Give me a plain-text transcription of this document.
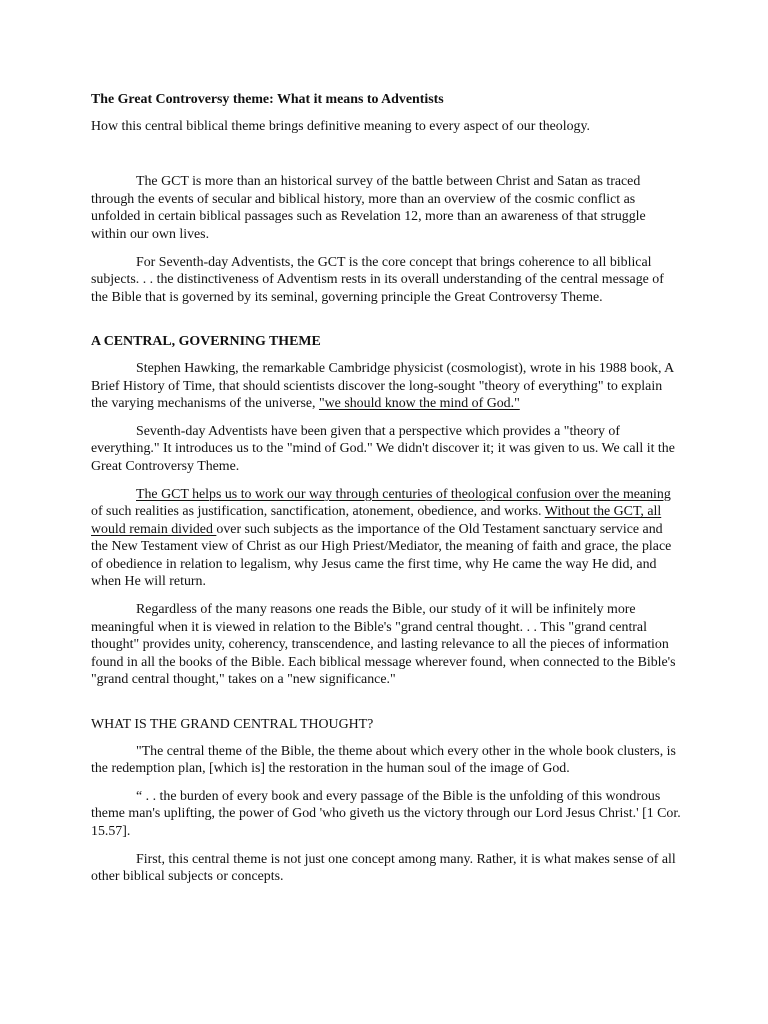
The Great Controversy theme: What it means to Adventists

How this central biblical theme brings definitive meaning to every aspect of our theology.

The GCT is more than an historical survey of the battle between Christ and Satan as traced through the events of secular and biblical history, more than an overview of the cosmic conflict as unfolded in certain biblical passages such as Revelation 12, more than an awareness of that struggle within our own lives.

For Seventh-day Adventists, the GCT is the core concept that brings coherence to all biblical subjects. . . the distinctiveness of Adventism rests in its overall understanding of the central message of the Bible that is governed by its seminal, governing principle the Great Controversy Theme.

A CENTRAL, GOVERNING THEME

Stephen Hawking, the remarkable Cambridge physicist (cosmologist), wrote in his 1988 book, A Brief History of Time, that should scientists discover the long-sought "theory of everything" to explain the varying mechanisms of the universe, "we should know the mind of God."

Seventh-day Adventists have been given that a perspective which provides a "theory of everything." It introduces us to the "mind of God." We didn't discover it; it was given to us. We call it the Great Controversy Theme.

The GCT helps us to work our way through centuries of theological confusion over the meaning of such realities as justification, sanctification, atonement, obedience, and works. Without the GCT, all would remain divided over such subjects as the importance of the Old Testament sanctuary service and the New Testament view of Christ as our High Priest/Mediator, the meaning of faith and grace, the place of obedience in relation to legalism, why Jesus came the first time, why He came the way He did, and when He will return.

Regardless of the many reasons one reads the Bible, our study of it will be infinitely more meaningful when it is viewed in relation to the Bible's "grand central thought. . . This "grand central thought" provides unity, coherency, transcendence, and lasting relevance to all the pieces of information found in all the books of the Bible. Each biblical message wherever found, when connected to the Bible's "grand central thought," takes on a "new significance."

WHAT IS THE GRAND CENTRAL THOUGHT?

"The central theme of the Bible, the theme about which every other in the whole book clusters, is the redemption plan, [which is] the restoration in the human soul of the image of God.

“ . . the burden of every book and every passage of the Bible is the unfolding of this wondrous theme man's uplifting, the power of God 'who giveth us the victory through our Lord Jesus Christ.' [1 Cor. 15.57].

First, this central theme is not just one concept among many. Rather, it is what makes sense of all other biblical subjects or concepts.
